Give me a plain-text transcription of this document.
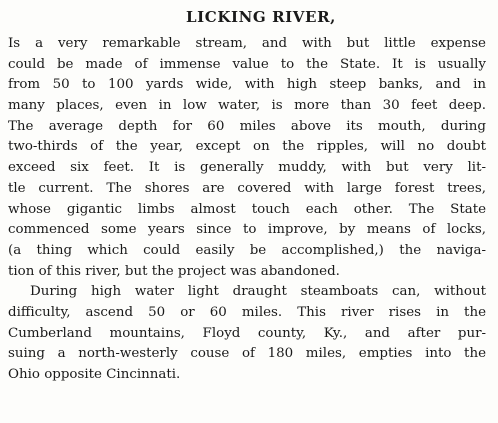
LICKING RIVER,
Is a very remarkable stream, and with but little expense
could be made of immense value to the State. It is usually
from 50 to 100 yards wide, with high steep banks, and in
many places, even in low water, is more than 30 feet deep.
The average depth for 60 miles above its mouth, during
two-thirds of the year, except on the ripples, will no doubt
exceed six feet. It is generally muddy, with but very lit-
tle current. The shores are covered with large forest trees,
whose gigantic limbs almost touch each other. The State
commenced some years since to improve, by means of locks,
(a thing which could easily be accomplished,) the naviga-
tion of this river, but the project was abandoned.
During high water light draught steamboats can, without
difficulty, ascend 50 or 60 miles. This river rises in the
Cumberland mountains, Floyd county, Ky., and after pur-
suing a north-westerly couse of 180 miles, empties into the
Ohio opposite Cincinnati.
